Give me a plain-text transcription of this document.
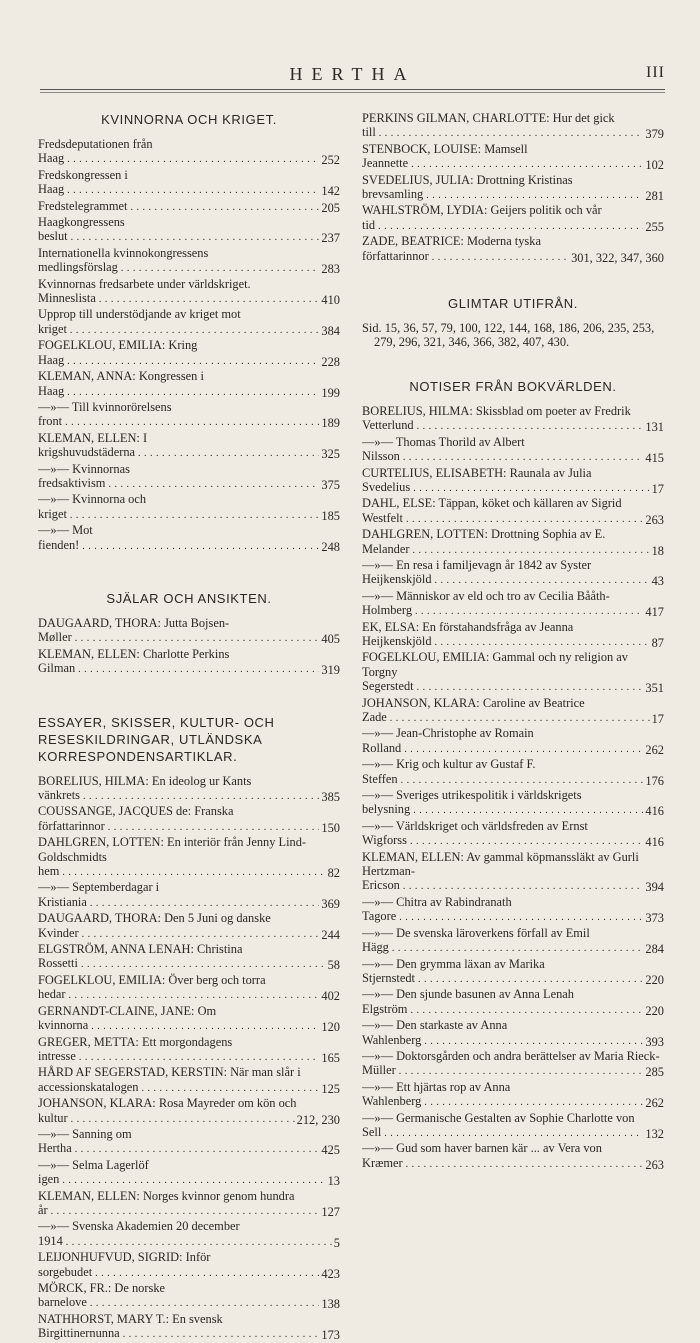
HERTHA	III
KVINNORNA OCH KRIGET.
Fredsdeputationen från Haag . . .	252
Fredskongressen i Haag . . .	142
Fredstelegrammet . . .	205
Haagkongressens beslut . . .	237
Internationella kvinnokongressens medlingsförslag . . .	283
Kvinnornas fredsarbete under världskriget. Minneslista . . .	410
Upprop till understödjande av kriget mot kriget . . .	384
FOGELKLOU, EMILIA: Kring Haag . . .	228
KLEMAN, ANNA: Kongressen i Haag . . .	199
—»— Till kvinnorörelsens front . . .	189
KLEMAN, ELLEN: I krigshuvudstäderna . . .	325
—»— Kvinnornas fredsaktivism . . .	375
—»— Kvinnorna och kriget . . .	185
—»— Mot fienden! . . .	248
SJÄLAR OCH ANSIKTEN.
DAUGAARD, THORA: Jutta Bojsen-Møller . . .	405
KLEMAN, ELLEN: Charlotte Perkins Gilman . . .	319
ESSAYER, SKISSER, KULTUR- OCH RESESKILDRINGAR, UTLÄNDSKA KORRESPONDENSARTIKLAR.
BORELIUS, HILMA: En ideolog ur Kants vänkrets . . .	385
COUSSANGE, JACQUES de: Franska författarinnor . . .	150
DAHLGREN, LOTTEN: En interiör från Jenny Lind-Goldschmidts hem . . .	82
—»— Septemberdagar i Kristiania . . .	369
DAUGAARD, THORA: Den 5 Juni og danske Kvinder . . .	244
ELGSTRÖM, ANNA LENAH: Christina Rossetti . . .	58
FOGELKLOU, EMILIA: Över berg och torra hedar . . .	402
GERNANDT-CLAINE, JANE: Om kvinnorna . . .	120
GREGER, METTA: Ett morgondagens intresse . . .	165
HÅRD AF SEGERSTAD, KERSTIN: När man slår i accessionskatalogen . . .	125
JOHANSON, KLARA: Rosa Mayreder om kön och kultur . . .	212, 230
—»— Sanning om Hertha . . .	425
—»— Selma Lagerlöf igen . . .	13
KLEMAN, ELLEN: Norges kvinnor genom hundra år . . .	127
—»— Svenska Akademien 20 december 1914 . . .	5
LEIJONHUFVUD, SIGRID: Inför sorgebudet . . .	423
MÖRCK, FR.: De norske barnelove . . .	138
NATHHORST, MARY T.: En svensk Birgittinernunna . . .	173
PERKINS GILMAN, CHARLOTTE: Hur det gick till . . .	379
STENBOCK, LOUISE: Mamsell Jeannette . . .	102
SVEDELIUS, JULIA: Drottning Kristinas brevsamling . . .	281
WAHLSTRÖM, LYDIA: Geijers politik och vår tid . . .	255
ZADE, BEATRICE: Moderna tyska författarinnor . . .	301, 322, 347, 360
GLIMTAR UTIFRÅN.
Sid. 15, 36, 57, 79, 100, 122, 144, 168, 186, 206, 235, 253, 279, 296, 321, 346, 366, 382, 407, 430.
NOTISER FRÅN BOKVÄRLDEN.
BORELIUS, HILMA: Skissblad om poeter av Fredrik Vetterlund . . .	131
—»— Thomas Thorild av Albert Nilsson . . .	415
CURTELIUS, ELISABETH: Raunala av Julia Svedelius . . .	17
DAHL, ELSE: Täppan, köket och källaren av Sigrid Westfelt . . .	263
DAHLGREN, LOTTEN: Drottning Sophia av E. Melander . . .	18
—»— En resa i familjevagn år 1842 av Syster Heijkenskjöld . . .	43
—»— Människor av eld och tro av Cecilia Bååth-Holmberg . . .	417
EK, ELSA: En förstahandsfråga av Jeanna Heijkenskjöld . . .	87
FOGELKLOU, EMILIA: Gammal och ny religion av Torgny Segerstedt . . .	351
JOHANSON, KLARA: Caroline av Beatrice Zade . . .	17
—»— Jean-Christophe av Romain Rolland . . .	262
—»— Krig och kultur av Gustaf F. Steffen . . .	176
—»— Sveriges utrikespolitik i världskrigets belysning . . .	416
—»— Världskriget och världsfreden av Ernst Wigforss . . .	416
KLEMAN, ELLEN: Av gammal köpmanssläkt av Gurli Hertzman-Ericson . . .	394
—»— Chitra av Rabindranath Tagore . . .	373
—»— De svenska läroverkens förfall av Emil Hägg . . .	284
—»— Den grymma läxan av Marika Stjernstedt . . .	220
—»— Den sjunde basunen av Anna Lenah Elgström . . .	220
—»— Den starkaste av Anna Wahlenberg . . .	393
—»— Doktorsgården och andra berättelser av Maria Rieck-Müller . . .	285
—»— Ett hjärtas rop av Anna Wahlenberg . . .	262
—»— Germanische Gestalten av Sophie Charlotte von Sell . . .	132
—»— Gud som haver barnen kär ... av Vera von Kræmer . . .	263
